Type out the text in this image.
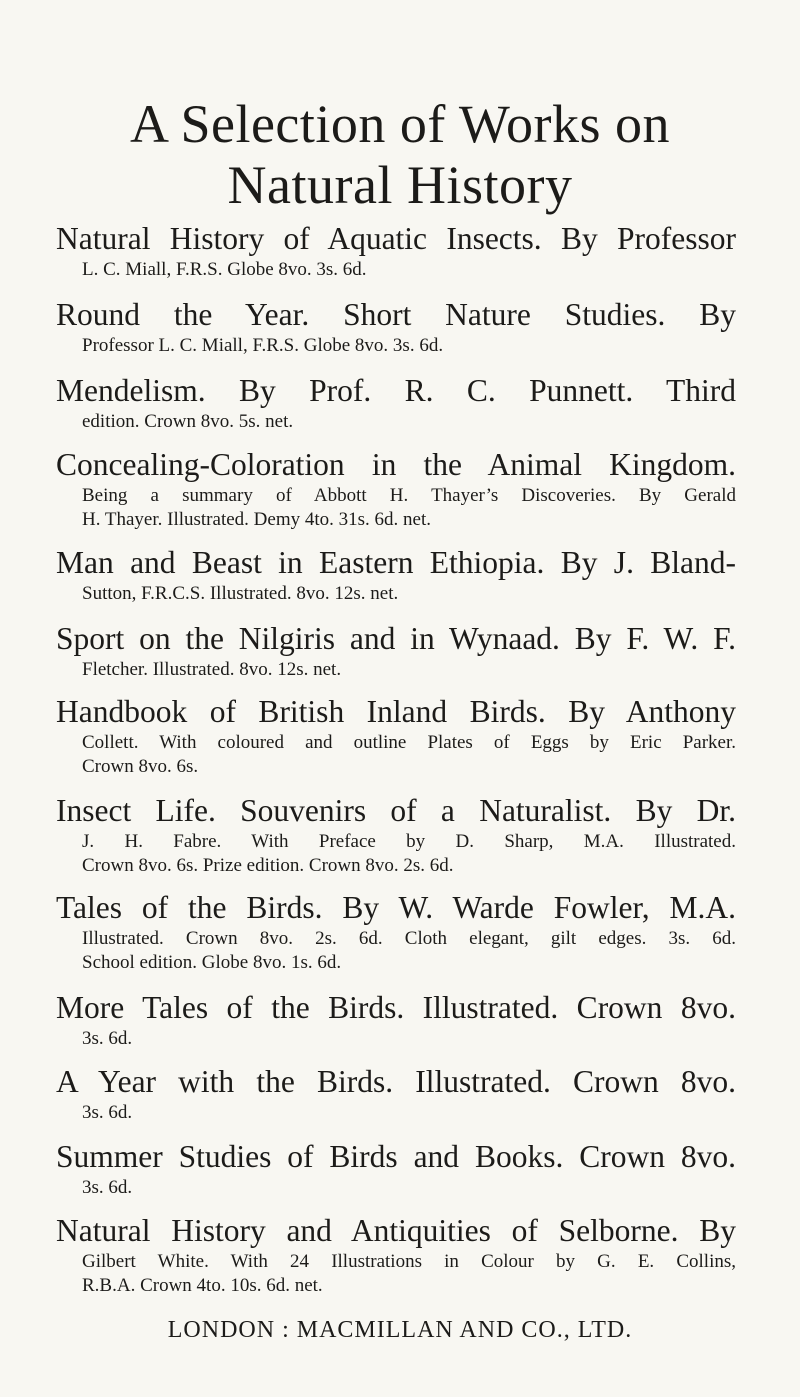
A Selection of Works on
Natural History
Natural History of Aquatic Insects. By Professor
L. C. Miall, F.R.S. Globe 8vo. 3s. 6d.
Round the Year. Short Nature Studies. By
Professor L. C. Miall, F.R.S. Globe 8vo. 3s. 6d.
Mendelism. By Prof. R. C. Punnett. Third
edition. Crown 8vo. 5s. net.
Concealing-Coloration in the Animal Kingdom.
Being a summary of Abbott H. Thayer’s Discoveries. By Gerald
H. Thayer. Illustrated. Demy 4to. 31s. 6d. net.
Man and Beast in Eastern Ethiopia. By J. Bland-
Sutton, F.R.C.S. Illustrated. 8vo. 12s. net.
Sport on the Nilgiris and in Wynaad. By F. W. F.
Fletcher. Illustrated. 8vo. 12s. net.
Handbook of British Inland Birds. By Anthony
Collett. With coloured and outline Plates of Eggs by Eric Parker.
Crown 8vo. 6s.
Insect Life. Souvenirs of a Naturalist. By Dr.
J. H. Fabre. With Preface by D. Sharp, M.A. Illustrated.
Crown 8vo. 6s. Prize edition. Crown 8vo. 2s. 6d.
Tales of the Birds. By W. Warde Fowler, M.A.
Illustrated. Crown 8vo. 2s. 6d. Cloth elegant, gilt edges. 3s. 6d.
School edition. Globe 8vo. 1s. 6d.
More Tales of the Birds. Illustrated. Crown 8vo.
3s. 6d.
A Year with the Birds. Illustrated. Crown 8vo.
3s. 6d.
Summer Studies of Birds and Books. Crown 8vo.
3s. 6d.
Natural History and Antiquities of Selborne. By
Gilbert White. With 24 Illustrations in Colour by G. E. Collins,
R.B.A. Crown 4to. 10s. 6d. net.
LONDON : MACMILLAN AND CO., LTD.
